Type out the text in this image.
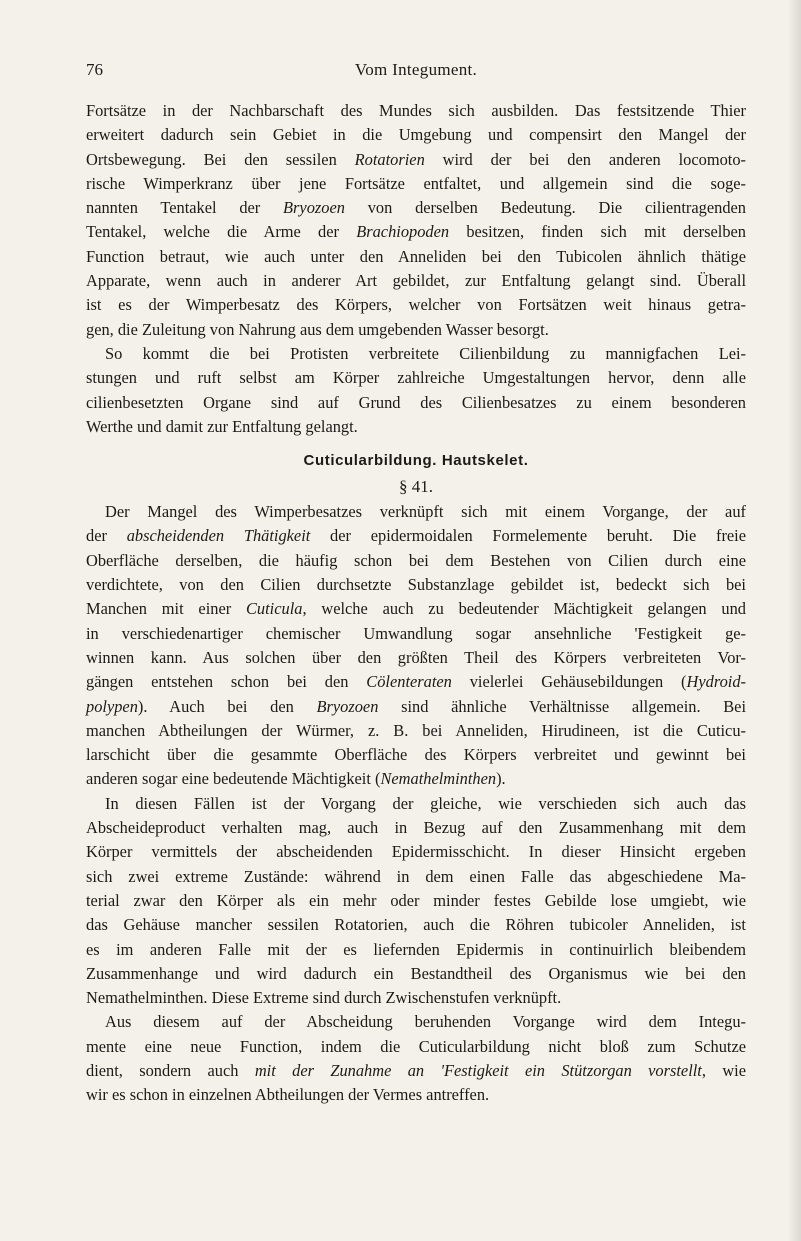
76	Vom Integument.
Fortsätze in der Nachbarschaft des Mundes sich ausbilden. Das festsitzende Thier
erweitert dadurch sein Gebiet in die Umgebung und compensirt den Mangel der
Ortsbewegung. Bei den sessilen Rotatorien wird der bei den anderen locomoto-
rische Wimperkranz über jene Fortsätze entfaltet, und allgemein sind die soge-
nannten Tentakel der Bryozoen von derselben Bedeutung. Die cilientragenden
Tentakel, welche die Arme der Brachiopoden besitzen, finden sich mit derselben
Function betraut, wie auch unter den Anneliden bei den Tubicolen ähnlich thätige
Apparate, wenn auch in anderer Art gebildet, zur Entfaltung gelangt sind. Überall
ist es der Wimperbesatz des Körpers, welcher von Fortsätzen weit hinaus getra-
gen, die Zuleitung von Nahrung aus dem umgebenden Wasser besorgt.
So kommt die bei Protisten verbreitete Cilienbildung zu mannigfachen Lei-
stungen und ruft selbst am Körper zahlreiche Umgestaltungen hervor, denn alle
cilienbesetzten Organe sind auf Grund des Cilienbesatzes zu einem besonderen
Werthe und damit zur Entfaltung gelangt.
Cuticularbildung. Hautskelet.
§ 41.
Der Mangel des Wimperbesatzes verknüpft sich mit einem Vorgange, der auf
der abscheidenden Thätigkeit der epidermoidalen Formelemente beruht. Die freie
Oberfläche derselben, die häufig schon bei dem Bestehen von Cilien durch eine
verdichtete, von den Cilien durchsetzte Substanzlage gebildet ist, bedeckt sich bei
Manchen mit einer Cuticula, welche auch zu bedeutender Mächtigkeit gelangen und
in verschiedenartiger chemischer Umwandlung sogar ansehnliche 'Festigkeit ge-
winnen kann. Aus solchen über den größten Theil des Körpers verbreiteten Vor-
gängen entstehen schon bei den Cölenteraten vielerlei Gehäusebildungen (Hydroid-
polypen). Auch bei den Bryozoen sind ähnliche Verhältnisse allgemein. Bei
manchen Abtheilungen der Würmer, z. B. bei Anneliden, Hirudineen, ist die Cuticu-
larschicht über die gesammte Oberfläche des Körpers verbreitet und gewinnt bei
anderen sogar eine bedeutende Mächtigkeit (Nemathelminthen).
In diesen Fällen ist der Vorgang der gleiche, wie verschieden sich auch das
Abscheideproduct verhalten mag, auch in Bezug auf den Zusammenhang mit dem
Körper vermittels der abscheidenden Epidermisschicht. In dieser Hinsicht ergeben
sich zwei extreme Zustände: während in dem einen Falle das abgeschiedene Ma-
terial zwar den Körper als ein mehr oder minder festes Gebilde lose umgiebt, wie
das Gehäuse mancher sessilen Rotatorien, auch die Röhren tubicoler Anneliden, ist
es im anderen Falle mit der es liefernden Epidermis in continuirlich bleibendem
Zusammenhange und wird dadurch ein Bestandtheil des Organismus wie bei den
Nemathelminthen. Diese Extreme sind durch Zwischenstufen verknüpft.
Aus diesem auf der Abscheidung beruhenden Vorgange wird dem Integu-
mente eine neue Function, indem die Cuticularbildung nicht bloß zum Schutze
dient, sondern auch mit der Zunahme an 'Festigkeit ein Stützorgan vorstellt, wie
wir es schon in einzelnen Abtheilungen der Vermes antreffen.
